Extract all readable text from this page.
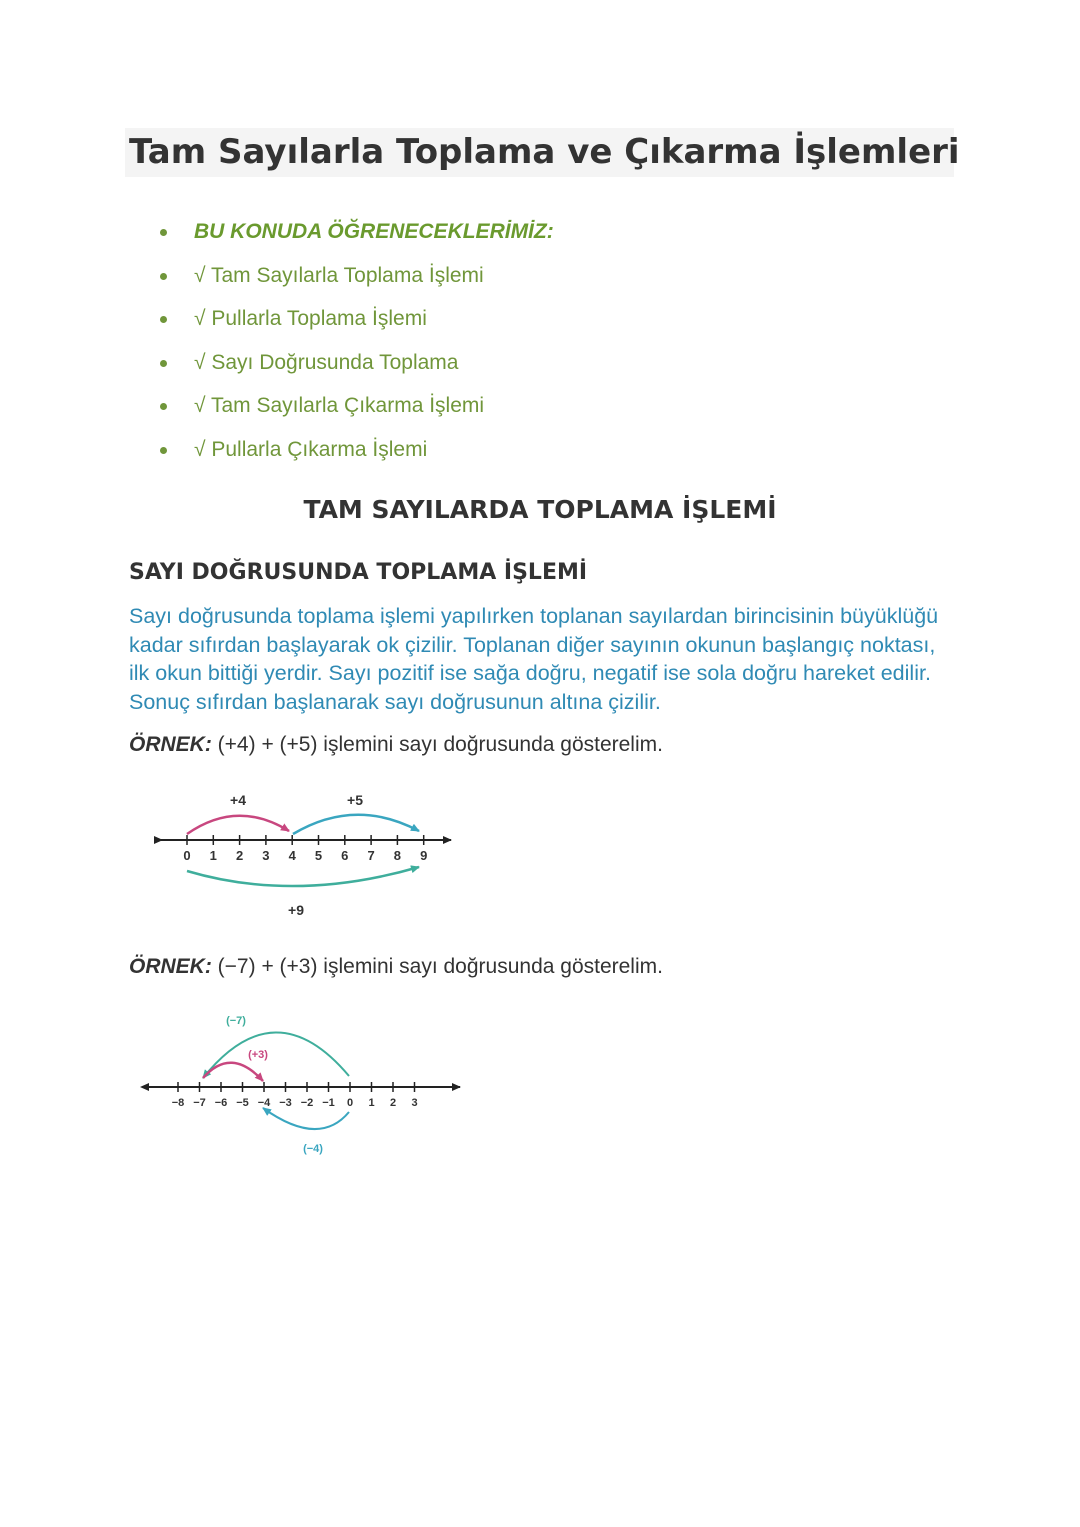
Tam Sayılarla Toplama ve Çıkarma İşlemleri
BU KONUDA ÖĞRENECEKLERİMİZ:
√ Tam Sayılarla Toplama İşlemi
√ Pullarla Toplama İşlemi
√ Sayı Doğrusunda Toplama
√ Tam Sayılarla Çıkarma İşlemi
√ Pullarla Çıkarma İşlemi
TAM SAYILARDA TOPLAMA İŞLEMİ
SAYI DOĞRUSUNDA TOPLAMA İŞLEMİ

Sayı doğrusunda toplama işlemi yapılırken toplanan sayılardan birincisinin büyüklüğü kadar sıfırdan başlayarak ok çizilir. Toplanan diğer sayının okunun başlangıç noktası, ilk okun bittiği yerdir. Sayı pozitif ise sağa doğru, negatif ise sola doğru hareket edilir. Sonuç sıfırdan başlanarak sayı doğrusunun altına çizilir.

ÖRNEK: (+4) + (+5) işlemini sayı doğrusunda gösterelim.

0 1 2 3 4 5 6 7 8 9
+4	+5
+9

ÖRNEK: (−7) + (+3) işlemini sayı doğrusunda gösterelim.

−8 −7 −6 −5 −4 −3 −2 −1 0 1 2 3
(−7)
(+3)
(−4)
